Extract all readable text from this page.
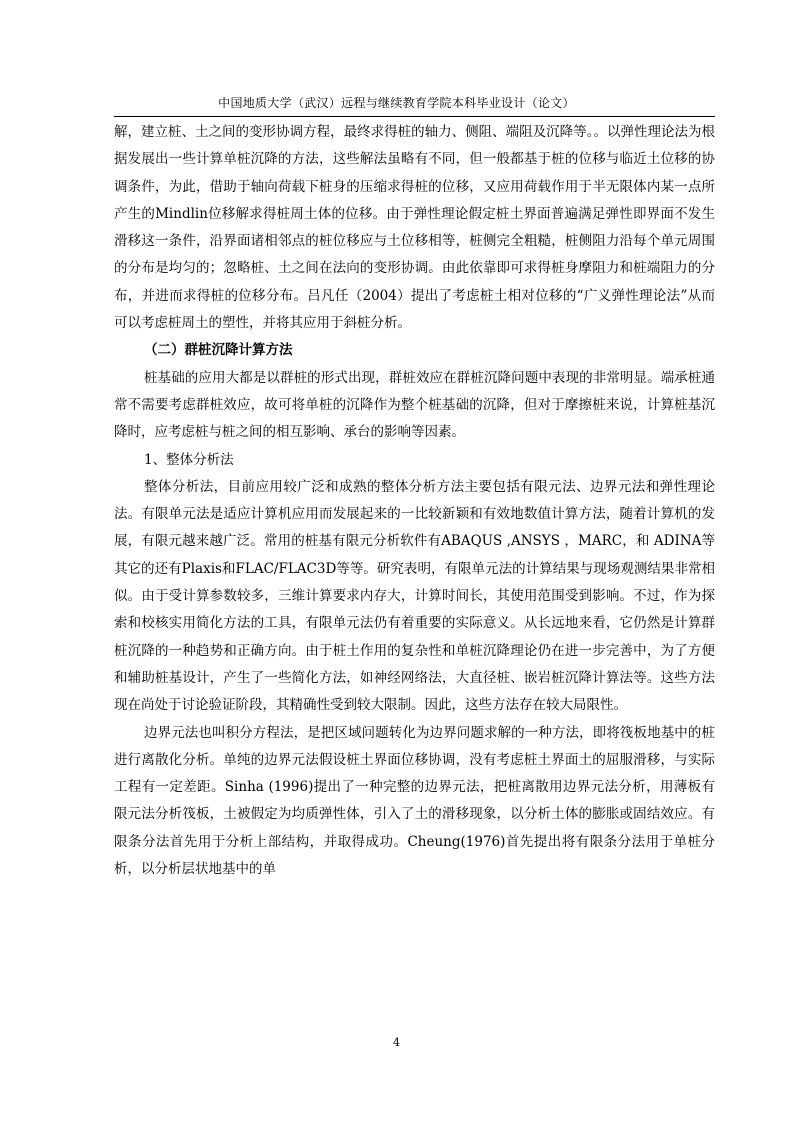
中国地质大学（武汉）远程与继续教育学院本科毕业设计（论文）

解，建立桩、土之间的变形协调方程，最终求得桩的轴力、侧阻、端阻及沉降等。。以弹性理论法为根据发展出一些计算单桩沉降的方法，这些解法虽略有不同，但一般都基于桩的位移与临近土位移的协调条件，为此，借助于轴向荷载下桩身的压缩求得桩的位移，又应用荷载作用于半无限体内某一点所产生的Mindlin位移解求得桩周土体的位移。由于弹性理论假定桩土界面普遍满足弹性即界面不发生滑移这一条件，沿界面诸相邻点的桩位移应与土位移相等，桩侧完全粗糙，桩侧阻力沿每个单元周围的分布是均匀的；忽略桩、土之间在法向的变形协调。由此依靠即可求得桩身摩阻力和桩端阻力的分布，并进而求得桩的位移分布。吕凡任（2004）提出了考虑桩土相对位移的“广义弹性理论法”从而可以考虑桩周土的塑性，并将其应用于斜桩分析。

（二）群桩沉降计算方法

桩基础的应用大都是以群桩的形式出现，群桩效应在群桩沉降问题中表现的非常明显。端承桩通常不需要考虑群桩效应，故可将单桩的沉降作为整个桩基础的沉降，但对于摩擦桩来说，计算桩基沉降时，应考虑桩与桩之间的相互影响、承台的影响等因素。

1、整体分析法

整体分析法，目前应用较广泛和成熟的整体分析方法主要包括有限元法、边界元法和弹性理论法。有限单元法是适应计算机应用而发展起来的一比较新颖和有效地数值计算方法，随着计算机的发展，有限元越来越广泛。常用的桩基有限元分析软件有ABAQUS ,ANSYS ，MARC，和 ADINA等其它的还有Plaxis和FLAC/FLAC3D等等。研究表明，有限单元法的计算结果与现场观测结果非常相似。由于受计算参数较多，三维计算要求内存大，计算时间长，其使用范围受到影响。不过，作为探索和校核实用简化方法的工具，有限单元法仍有着重要的实际意义。从长远地来看，它仍然是计算群桩沉降的一种趋势和正确方向。由于桩土作用的复杂性和单桩沉降理论仍在进一步完善中，为了方便和辅助桩基设计，产生了一些简化方法，如神经网络法，大直径桩、嵌岩桩沉降计算法等。这些方法现在尚处于讨论验证阶段，其精确性受到较大限制。因此，这些方法存在较大局限性。

边界元法也叫积分方程法，是把区域问题转化为边界问题求解的一种方法，即将筏板地基中的桩进行离散化分析。单纯的边界元法假设桩土界面位移协调，没有考虑桩土界面土的屈服滑移，与实际工程有一定差距。Sinha (1996)提出了一种完整的边界元法，把桩离散用边界元法分析，用薄板有限元法分析筏板，土被假定为均质弹性体，引入了土的滑移现象，以分析土体的膨胀或固结效应。有限条分法首先用于分析上部结构，并取得成功。Cheung(1976)首先提出将有限条分法用于单桩分析，以分析层状地基中的单

4
